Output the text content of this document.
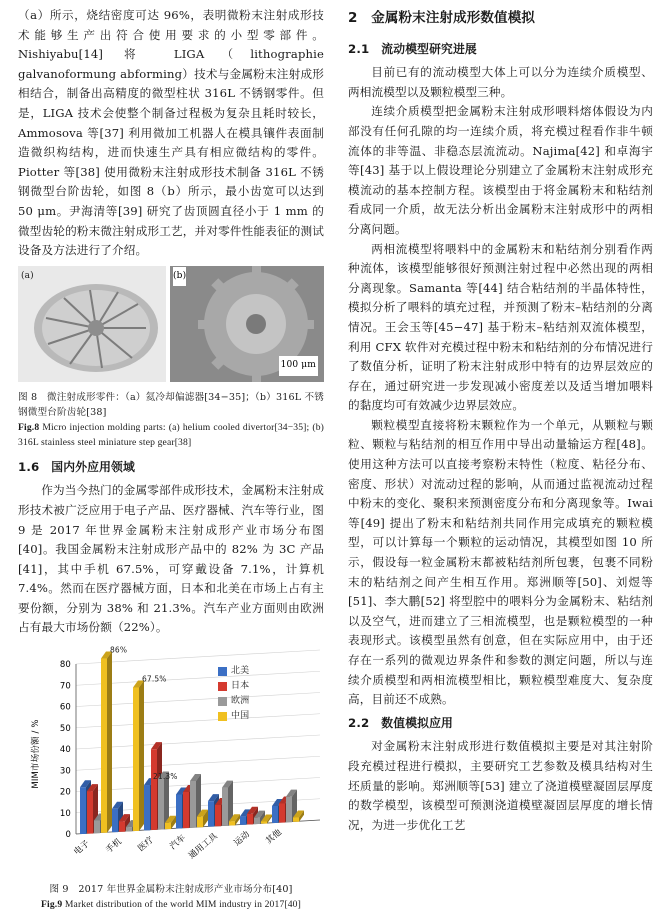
（a）所示，烧结密度可达 96%，表明微粉末注射成形技术能够生产出符合使用要求的小型零部件。Nishiyabu[14] 将 LIGA（lithographie galvanoformung abforming）技术与金属粉末注射成形相结合，制备出高精度的微型柱状 316L 不锈钢零件。但是，LIGA 技术会使整个制备过程极为复杂且耗时较长，Ammosova 等[37] 利用微加工机器人在模具镶件表面制造微织构结构，进而快速生产具有相应微结构的零件。Piotter 等[38] 使用微粉末注射成形技术制备 316L 不锈钢微型台阶齿轮，如图 8（b）所示，最小齿宽可以达到 50 μm。尹海清等[39] 研究了齿顶圆直径小于 1 mm 的微型齿轮的粉末微注射成形工艺，并对零件性能表征的测试设备及方法进行了介绍。

(a)	(b)
100 μm

图 8　微注射成形零件：（a）氦冷却偏滤器[34−35]；（b）316L 不锈钢微型台阶齿轮[38]

Fig.8 Micro injection molding parts: (a) helium cooled divertor[34−35]; (b) 316L stainless steel miniature step gear[38]

1.6　国内外应用领域

作为当今热门的金属零部件成形技术，金属粉末注射成形技术被广泛应用于电子产品、医疗器械、汽车等行业，图 9 是 2017 年世界金属粉末注射成形产业市场分布图[40]。我国金属粉末注射成形产品中的 82% 为 3C 产品[41]，其中手机 67.5%，可穿戴设备 7.1%，计算机 7.4%。然而在医疗器械方面，日本和北美在市场上占有主要份额，分别为 38% 和 21.3%。汽车产业方面则由欧洲占有最大市场份额（22%）。

0
10
20
30
40
50
60
70
80
MIM市场份额 / %
电子 手机 医疗 汽车 通用工具 运动 其他
86%
67.5%
21.3%
北美
日本
欧洲
中国

图 9　2017 年世界金属粉末注射成形产业市场分布[40]

Fig.9 Market distribution of the world MIM industry in 2017[40]

2　金属粉末注射成形数值模拟
2.1　流动模型研究进展

目前已有的流动模型大体上可以分为连续介质模型、两相流模型以及颗粒模型三种。

连续介质模型把金属粉末注射成形喂料熔体假设为内部没有任何孔隙的均一连续介质，将充模过程看作非牛顿流体的非等温、非稳态层流流动。Najima[42] 和卓海宇等[43] 基于以上假设理论分别建立了金属粉末注射成形充模流动的基本控制方程。该模型由于将金属粉末和粘结剂看成同一介质，故无法分析出金属粉末注射成形中的两相分离问题。

两相流模型将喂料中的金属粉末和粘结剂分别看作两种流体，该模型能够很好预测注射过程中必然出现的两相分离现象。Samanta 等[44] 结合粘结剂的半晶体特性，模拟分析了喂料的填充过程，并预测了粉末–粘结剂的分离情况。王会玉等[45−47] 基于粉末–粘结剂双流体模型，利用 CFX 软件对充模过程中粉末和粘结剂的分布情况进行了数值分析，证明了粉末注射成形中特有的边界层效应的存在，通过研究进一步发现减小密度差以及适当增加喂料的黏度均可有效减少边界层效应。

颗粒模型直接将粉末颗粒作为一个单元，从颗粒与颗粒、颗粒与粘结剂的相互作用中导出动量输运方程[48]。使用这种方法可以直接考察粉末特性（粒度、粘径分布、密度、形状）对流动过程的影响，从而通过监视流动过程中粉末的变化、聚积来预测密度分布和分离现象等。Iwai 等[49] 提出了粉末和粘结剂共同作用完成填充的颗粒模型，可以计算每一个颗粒的运动情况，其模型如图 10 所示，假设每一粒金属粉末都被粘结剂所包裹，包裹不同粉末的粘结剂之间产生相互作用。郑洲顺等[50]、刘煜等[51]、李大鹏[52] 将型腔中的喂料分为金属粉末、粘结剂以及空气，进而建立了三相流模型，也是颗粒模型的一种表现形式。该模型虽然有创意，但在实际应用中，由于还存在一系列的微观边界条件和参数的测定问题，所以与连续介质模型和两相流模型相比，颗粒模型难度大、复杂度高，目前还不成熟。

2.2　数值模拟应用

对金属粉末注射成形进行数值模拟主要是对其注射阶段充模过程进行模拟，主要研究工艺参数及模具结构对生坯质量的影响。郑洲顺等[53] 建立了浇道模壁凝固层厚度的数学模型，该模型可预测浇道模壁凝固层厚度的增长情况，为进一步优化工艺
